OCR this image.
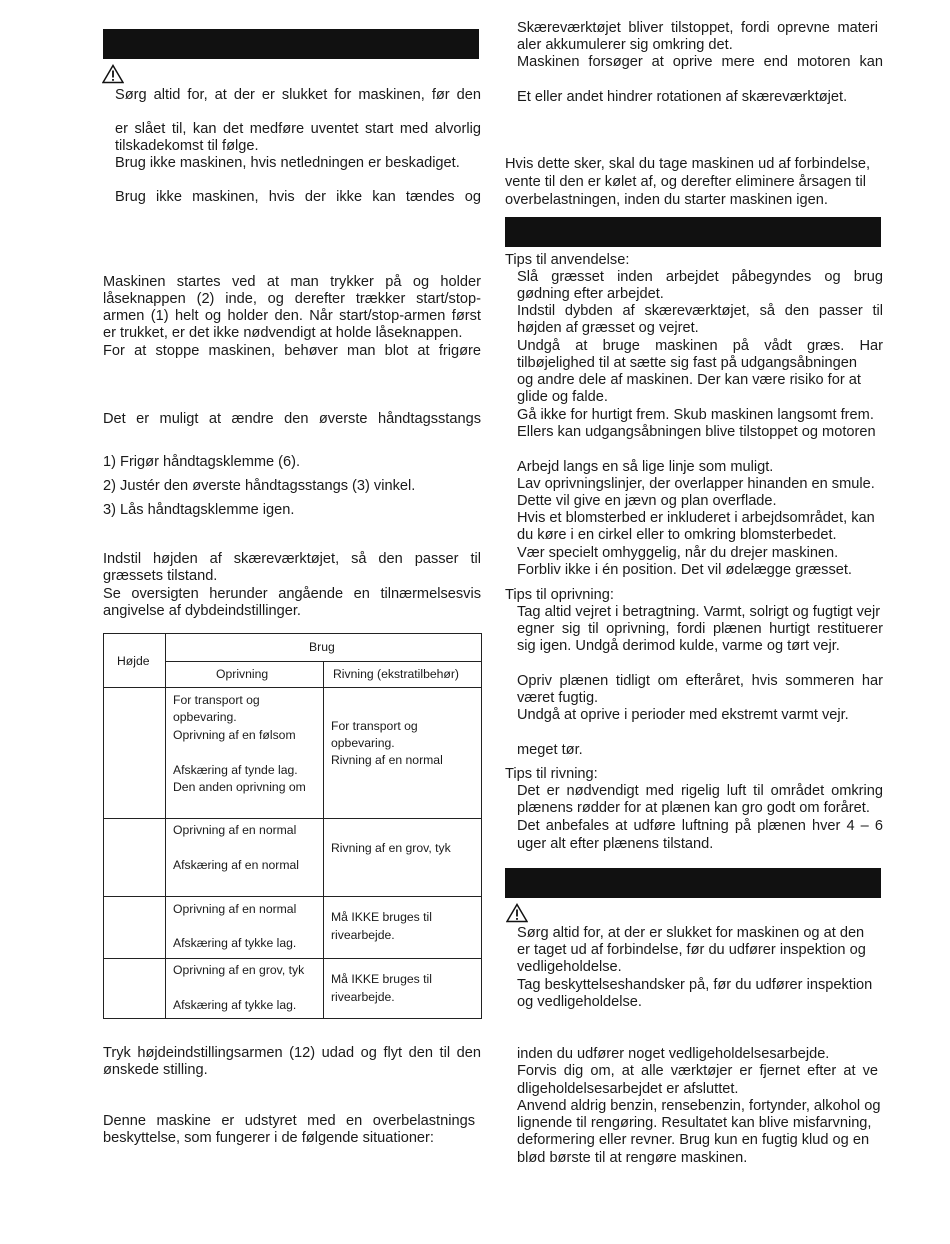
Sørg altid for, at der er slukket for maskinen, før den
er slået til, kan det medføre uventet start med alvorlig
tilskadekomst til følge.
Brug ikke maskinen, hvis netledningen er beskadiget.
Brug ikke maskinen, hvis der ikke kan tændes og
Maskinen startes ved at man trykker på og holder
låseknappen (2) inde, og derefter trækker start/stop-
armen (1) helt og holder den. Når start/stop-armen først
er trukket, er det ikke nødvendigt at holde låseknappen.
For at stoppe maskinen, behøver man blot at frigøre
Det er muligt at ændre den øverste håndtagsstangs
1) Frigør håndtagsklemme (6).
2) Justér den øverste håndtagsstangs (3) vinkel.
3) Lås håndtagsklemme igen.
Indstil højden af skæreværktøjet, så den passer til
græssets tilstand.
Se oversigten herunder angående en tilnærmelsesvis
angivelse af dybdeindstillinger.
Højde
Brug
Oprivning	Rivning (ekstratilbehør)
For transport og
opbevaring.
Oprivning af en følsom
Afskæring af tynde lag.
Den anden oprivning om
For transport og
opbevaring.
Rivning af en normal
Oprivning af en normal
Afskæring af en normal
Rivning af en grov, tyk
Oprivning af en normal
Afskæring af tykke lag.
Må IKKE bruges til
rivearbejde.
Oprivning af en grov, tyk
Afskæring af tykke lag.
Må IKKE bruges til
rivearbejde.
Tryk højdeindstillingsarmen (12) udad og flyt den til den
ønskede stilling.
Denne maskine er udstyret med en overbelastnings
beskyttelse, som fungerer i de følgende situationer:
Skæreværktøjet bliver tilstoppet, fordi oprevne materi
aler akkumulerer sig omkring det.
Maskinen forsøger at oprive mere end motoren kan
Et eller andet hindrer rotationen af skæreværktøjet.
Hvis dette sker, skal du tage maskinen ud af forbindelse,
vente til den er kølet af, og derefter eliminere årsagen til
overbelastningen, inden du starter maskinen igen.
Tips til anvendelse:
Slå græsset inden arbejdet påbegyndes og brug
gødning efter arbejdet.
Indstil dybden af skæreværktøjet, så den passer til
højden af græsset og vejret.
Undgå at bruge maskinen på vådt græs. Har
tilbøjelighed til at sætte sig fast på udgangsåbningen
og andre dele af maskinen. Der kan være risiko for at
glide og falde.
Gå ikke for hurtigt frem. Skub maskinen langsomt frem.
Ellers kan udgangsåbningen blive tilstoppet og motoren
Arbejd langs en så lige linje som muligt.
Lav oprivningslinjer, der overlapper hinanden en smule.
Dette vil give en jævn og plan overflade.
Hvis et blomsterbed er inkluderet i arbejdsområdet, kan
du køre i en cirkel eller to omkring blomsterbedet.
Vær specielt omhyggelig, når du drejer maskinen.
Forbliv ikke i én position. Det vil ødelægge græsset.
Tips til oprivning:
Tag altid vejret i betragtning. Varmt, solrigt og fugtigt vejr
egner sig til oprivning, fordi plænen hurtigt restituerer
sig igen. Undgå derimod kulde, varme og tørt vejr.
Opriv plænen tidligt om efteråret, hvis sommeren har
været fugtig.
Undgå at oprive i perioder med ekstremt varmt vejr.
meget tør.
Tips til rivning:
Det er nødvendigt med rigelig luft til området omkring
plænens rødder for at plænen kan gro godt om foråret.
Det anbefales at udføre luftning på plænen hver 4 – 6
uger alt efter plænens tilstand.
Sørg altid for, at der er slukket for maskinen og at den
er taget ud af forbindelse, før du udfører inspektion og
vedligeholdelse.
Tag beskyttelseshandsker på, før du udfører inspektion
og vedligeholdelse.
inden du udfører noget vedligeholdelsesarbejde.
Forvis dig om, at alle værktøjer er fjernet efter at ve
dligeholdelsesarbejdet er afsluttet.
Anvend aldrig benzin, rensebenzin, fortynder, alkohol og
lignende til rengøring. Resultatet kan blive misfarvning,
deformering eller revner. Brug kun en fugtig klud og en
blød børste til at rengøre maskinen.
